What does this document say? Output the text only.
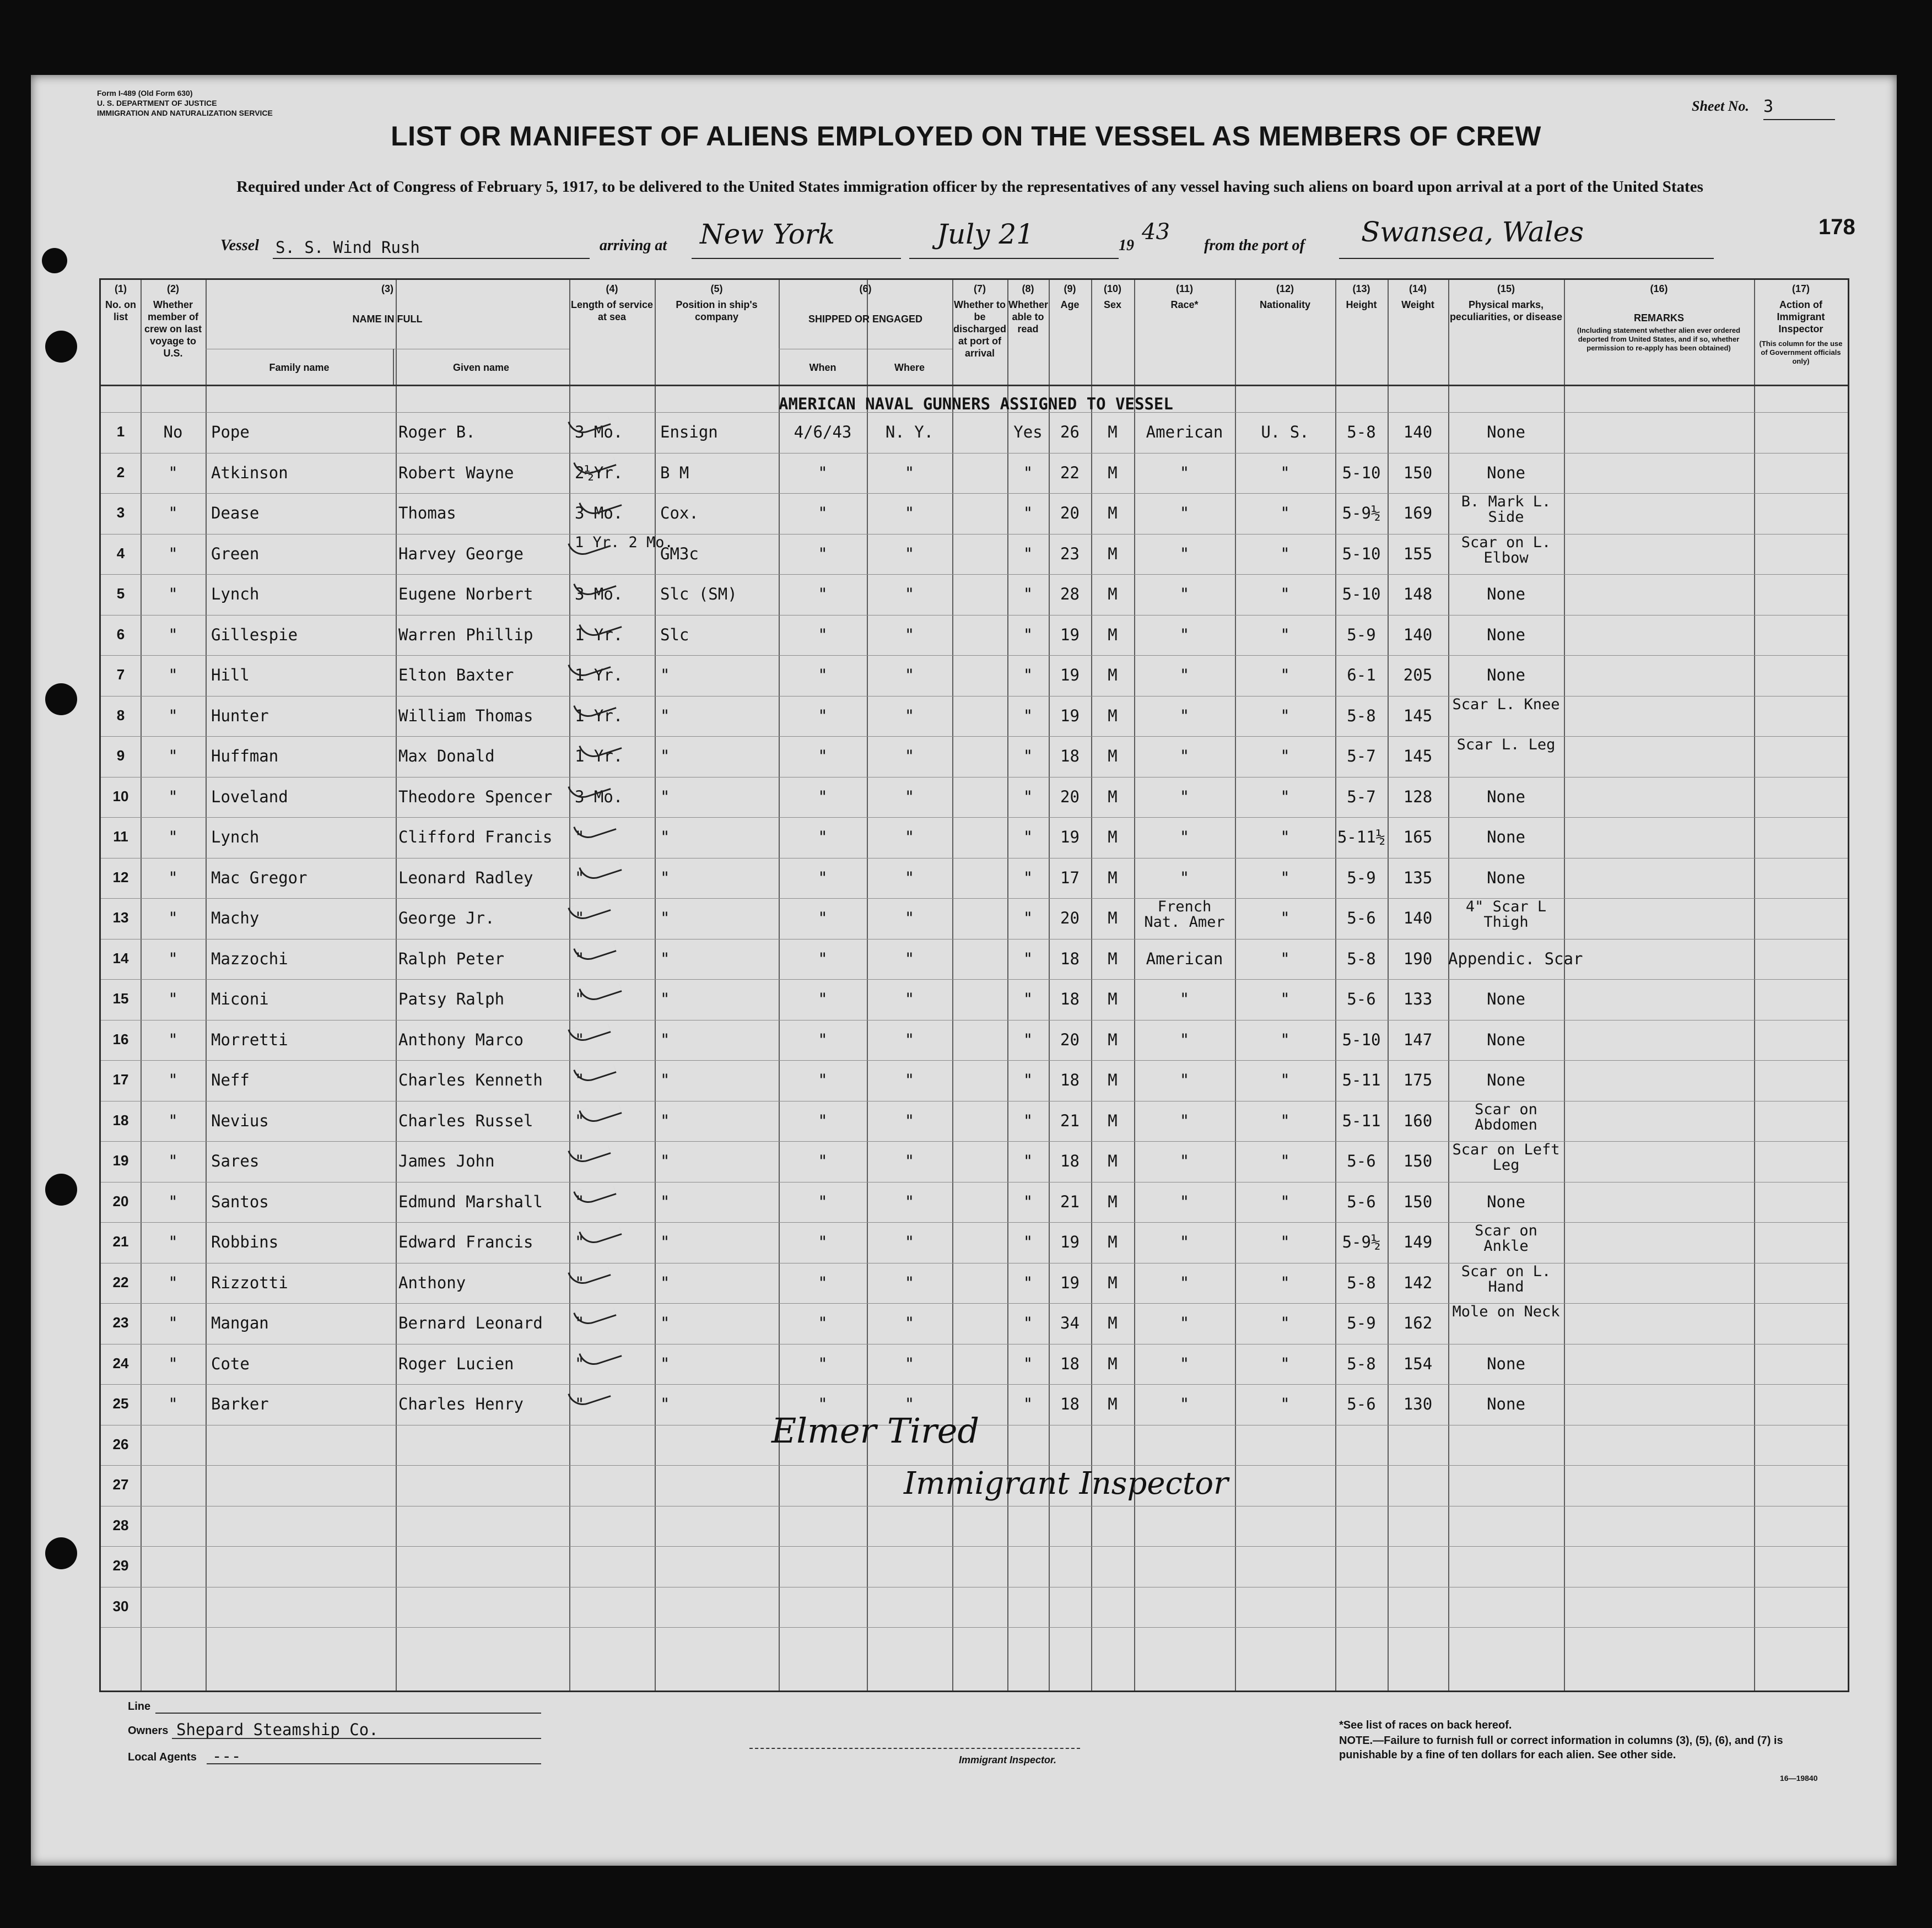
Form I-489 (Old Form 630)
U. S. DEPARTMENT OF JUSTICE
IMMIGRATION AND NATURALIZATION SERVICE
LIST OR MANIFEST OF ALIENS EMPLOYED ON THE VESSEL AS MEMBERS OF CREW
Required under Act of Congress of February 5, 1917, to be delivered to the United States immigration officer by the representatives of any vessel having such aliens on board upon arrival at a port of the United States
Sheet No. 3
178
Vessel S. S. Wind Rush	arriving at New York	July 21	19
43
from the port of Swansea, Wales
(1)
No. on list
(2)
Whether member of crew on last voyage to U.S.
(3)
NAME IN FULL
(4)
Length of service at sea
(5)
Position in ship's company
(6)
SHIPPED OR ENGAGED
(7)
Whether to be discharged at port of arrival
(8)
Whether able to read
(9)
Age
(10)
Sex
(11)
Race*
(12)
Nationality
(13)
Height
(14)
Weight
(15)
Physical marks, peculiarities, or disease
(16)
REMARKS
(17)
Action of Immigrant Inspector
Family name	Given name	When	Where
(Including statement whether alien ever ordered deported from United States, and if so, whether permission to re-apply has been obtained)
(This column for the use of Government officials only)
AMERICAN NAVAL GUNNERS ASSIGNED TO VESSEL
1	No	Pope	Roger B.	3 Mo. Ensign	4/6/43	N. Y.	Yes	26	M	American	U. S.	5-8	140	None
2	"	Atkinson	Robert Wayne	2½Yr. B M	"	"	"	22	M	"	"	5-10	150	None
3	"	Dease	Thomas	3 Mo. Cox.	"	"	"	20	M	"	"	5-9½	169
B. Mark L. Side
4	"	Green	Harvey George
1 Yr. 2 Mo.
GM3c	"	"	"	23	M	"	"	5-10	155
Scar on L. Elbow
5	"	Lynch	Eugene Norbert	3 Mo. Slc (SM)	"	"	"	28	M	"	"	5-10	148	None
6	"	Gillespie	Warren Phillip	1 Yr. Slc	"	"	"	19	M	"	"	5-9	140	None
7	"	Hill	Elton Baxter	1 Yr. "	"	"	"	19	M	"	"	6-1	205	None
8	"	Hunter	William Thomas	1 Yr. "	"	"	"	19	M	"	"	5-8	145
Scar L. Knee
9	"	Huffman	Max Donald	1 Yr. "	"	"	"	18	M	"	"	5-7	145
Scar L. Leg
10	"	Loveland	Theodore Spencer 3 Mo. "	"	"	"	20	M	"	"	5-7	128	None
11	"	Lynch	Clifford Francis "	"	"	"	"	19	M	"	"	5-11½	165	None
12	"	Mac Gregor	Leonard Radley	"	"	"	"	"	17	M	"	"	5-9	135	None
13	"	Machy	George Jr.	"	"	"	"	"	20	M
French Nat. Amer	"	5-6	140
4" Scar L Thigh
14	"	Mazzochi	Ralph Peter	"	"	"	"	"	18	M	American	"	5-8	190 Appendic. Scar
15	"	Miconi	Patsy Ralph	"	"	"	"	"	18	M	"	"	5-6	133	None
16	"	Morretti	Anthony Marco	"	"	"	"	"	20	M	"	"	5-10	147	None
17	"	Neff	Charles Kenneth "	"	"	"	"	18	M	"	"	5-11	175	None
18	"	Nevius	Charles Russel	"	"	"	"	"	21	M	"	"	5-11	160
Scar on Abdomen
19	"	Sares	James John	"	"	"	"	"	18	M	"	"	5-6	150
Scar on Left Leg
20	"	Santos	Edmund Marshall "	"	"	"	"	21	M	"	"	5-6	150	None
21	"	Robbins	Edward Francis	"	"	"	"	"	19	M	"	"	5-9½	149
Scar on Ankle
22	"	Rizzotti	Anthony	"	"	"	"	"	19	M	"	"	5-8	142
Scar on L. Hand
23	"	Mangan	Bernard Leonard "	"	"	"	"	34	M	"	"	5-9	162
Mole on Neck
24	"	Cote	Roger Lucien	"	"	"	"	"	18	M	"	"	5-8	154	None
25	"	Barker	Charles Henry	"	"	"	"	"	18	M	"	"	5-6	130	None
26
27
28
29
30
Elmer Tired
Immigrant Inspector
Line
Owners Shepard Steamship Co.
Local Agents ---	Immigrant Inspector.
*See list of races on back hereof.
NOTE.—Failure to furnish full or correct information in columns (3), (5), (6), and (7) is punishable by a fine of ten dollars for each alien. See other side.
16—19840
